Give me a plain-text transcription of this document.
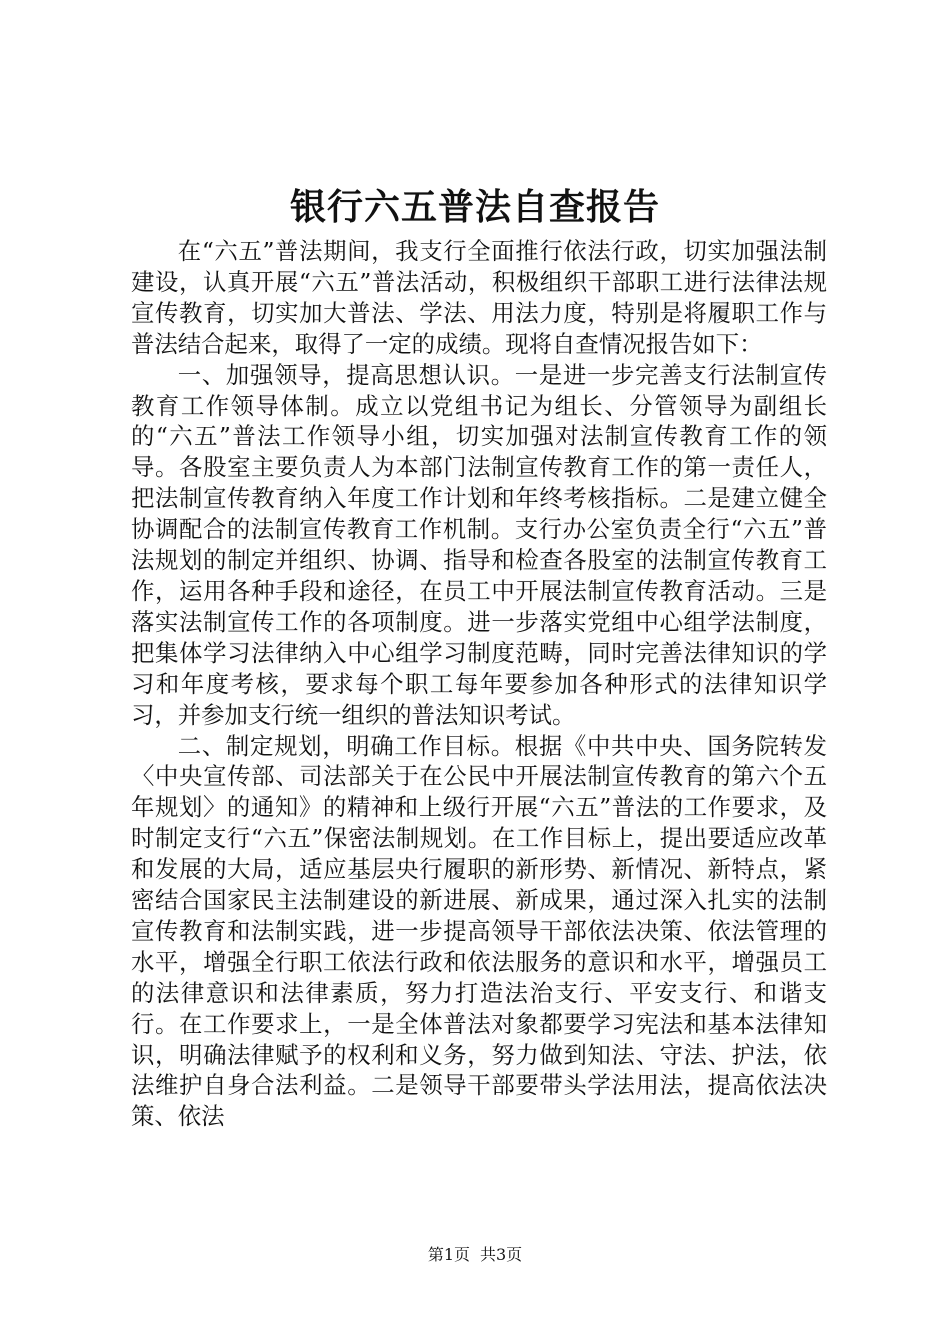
银行六五普法自查报告

在“六五”普法期间，我支行全面推行依法行政，切实加强法制建设，认真开展“六五”普法活动，积极组织干部职工进行法律法规宣传教育，切实加大普法、学法、用法力度，特别是将履职工作与普法结合起来，取得了一定的成绩。现将自查情况报告如下：

一、加强领导，提高思想认识。一是进一步完善支行法制宣传教育工作领导体制。成立以党组书记为组长、分管领导为副组长的“六五”普法工作领导小组，切实加强对法制宣传教育工作的领导。各股室主要负责人为本部门法制宣传教育工作的第一责任人，把法制宣传教育纳入年度工作计划和年终考核指标。二是建立健全协调配合的法制宣传教育工作机制。支行办公室负责全行“六五”普法规划的制定并组织、协调、指导和检查各股室的法制宣传教育工作，运用各种手段和途径，在员工中开展法制宣传教育活动。三是落实法制宣传工作的各项制度。进一步落实党组中心组学法制度，把集体学习法律纳入中心组学习制度范畴，同时完善法律知识的学习和年度考核，要求每个职工每年要参加各种形式的法律知识学习，并参加支行统一组织的普法知识考试。

二、制定规划，明确工作目标。根据《中共中央、国务院转发〈中央宣传部、司法部关于在公民中开展法制宣传教育的第六个五年规划〉的通知》的精神和上级行开展“六五”普法的工作要求，及时制定支行“六五”保密法制规划。在工作目标上，提出要适应改革和发展的大局，适应基层央行履职的新形势、新情况、新特点，紧密结合国家民主法制建设的新进展、新成果，通过深入扎实的法制宣传教育和法制实践，进一步提高领导干部依法决策、依法管理的水平，增强全行职工依法行政和依法服务的意识和水平，增强员工的法律意识和法律素质，努力打造法治支行、平安支行、和谐支行。在工作要求上，一是全体普法对象都要学习宪法和基本法律知识，明确法律赋予的权利和义务，努力做到知法、守法、护法，依法维护自身合法利益。二是领导干部要带头学法用法，提高依法决策、依法

第1页 共3页
